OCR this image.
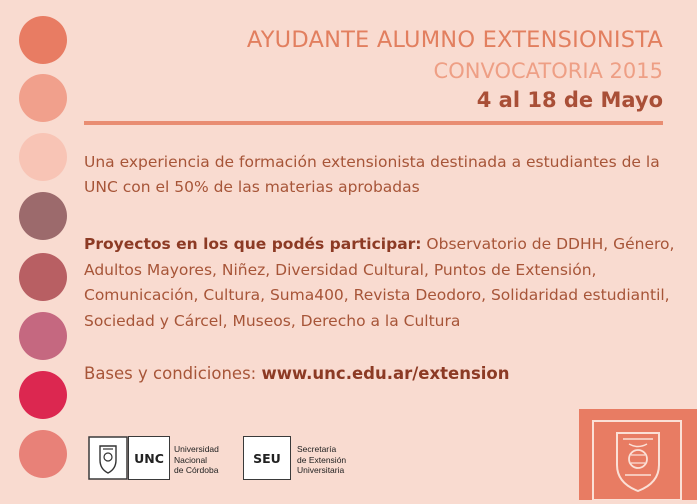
AYUDANTE ALUMNO EXTENSIONISTA
CONVOCATORIA 2015
4 al 18 de Mayo
Una experiencia de formación extensionista destinada a estudiantes de la UNC con el 50% de las materias aprobadas
Proyectos en los que podés participar: Observatorio de DDHH, Género, Adultos Mayores, Niñez, Diversidad Cultural, Puntos de Extensión, Comunicación, Cultura, Suma400, Revista Deodoro, Solidaridad estudiantil, Sociedad y Cárcel, Museos, Derecho a la Cultura
Bases y condiciones: www.unc.edu.ar/extension
UNC
Universidad
Nacional
de Córdoba
SEU
Secretaría
de Extensión
Universitaria
